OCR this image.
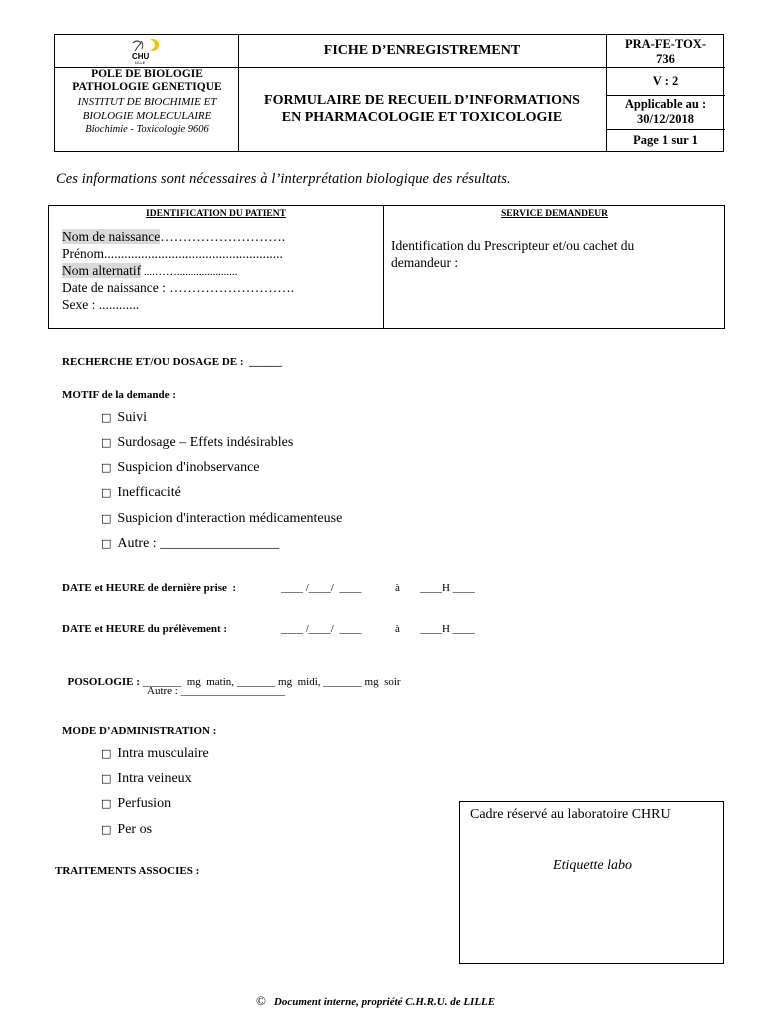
CHU
LILLE
FICHE D’ENREGISTREMENT
POLE DE BIOLOGIE PATHOLOGIE GENETIQUE
INSTITUT DE BIOCHIMIE ET
BIOLOGIE MOLECULAIRE
Biochimie - Toxicologie 9606
FORMULAIRE DE RECUEIL D’INFORMATIONS
EN PHARMACOLOGIE ET TOXICOLOGIE
PRA-FE-TOX-
736
V : 2
Applicable au :
30/12/2018
Page 1 sur 1
Ces informations sont nécessaires à l’interprétation biologique des résultats.
IDENTIFICATION DU PATIENT	SERVICE DEMANDEUR
Nom de naissance……………………….
Prénom.....................................................
Nom alternatif ....……......................
Date de naissance : ……………………….
Sexe : ............
Identification du Prescripteur et/ou cachet du
demandeur :
RECHERCHE ET/OU DOSAGE DE :  ______
MOTIF de la demande :
□ Suivi
□ Surdosage – Effets indésirables
□ Suspicion d'inobservance
□ Inefficacité
□ Suspicion d'interaction médicamenteuse
□ Autre : _________________
DATE et HEURE de dernière prise  :	____ /____/  ____	à ____H ____
DATE et HEURE du prélèvement :	____ /____/  ____	à ____H ____

POSOLOGIE : _______  mg  matin, _______ mg  midi, _______ mg  soir

Autre : ___________________
MODE D’ADMINISTRATION :
□ Intra musculaire
□ Intra veineux
□ Perfusion
□ Per os
TRAITEMENTS ASSOCIES :
Cadre réservé au laboratoire CHRU
Etiquette labo
© Document interne, propriété C.H.R.U. de LILLE
